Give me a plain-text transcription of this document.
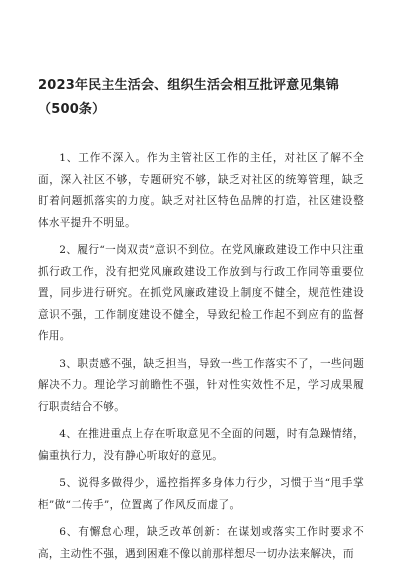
2023年民主生活会、组织生活会相互批评意见集锦（500条）

1、工作不深入。作为主管社区工作的主任，对社区了解不全面，深入社区不够，专题研究不够，缺乏对社区的统筹管理，缺乏盯着问题抓落实的力度。缺乏对社区特色品牌的打造，社区建设整体水平提升不明显。

2、履行“一岗双责”意识不到位。在党风廉政建设工作中只注重抓行政工作，没有把党风廉政建设工作放到与行政工作同等重要位置，同步进行研究。在抓党风廉政建设上制度不健全，规范性建设意识不强，工作制度建设不健全，导致纪检工作起不到应有的监督作用。

3、职责感不强，缺乏担当，导致一些工作落实不了，一些问题解决不力。理论学习前瞻性不强，针对性实效性不足，学习成果履行职责结合不够。

4、在推进重点上存在听取意见不全面的问题，时有急躁情绪，偏重执行力，没有静心听取好的意见。

5、说得多做得少，遥控指挥多身体力行少，习惯于当“甩手掌柜”做“二传手”，位置离了作风反而虚了。

6、有懈怠心理，缺乏改革创新：在谋划或落实工作时要求不高，主动性不强，遇到困难不像以前那样想尽一切办法来解决，而
